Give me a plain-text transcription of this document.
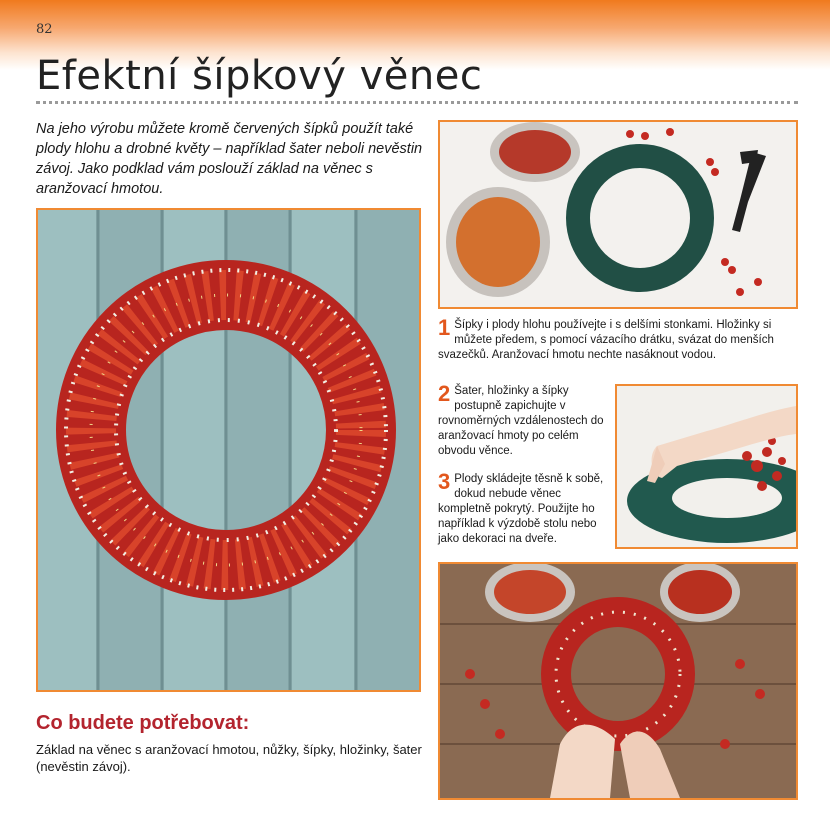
82
Efektní šípkový věnec

Na jeho výrobu můžete kromě červených šípků použít také plody hlohu a drobné květy – například šater neboli nevěstin závoj. Jako podklad vám poslouží základ na věnec s aranžovací hmotou.

1 Šípky i plody hlohu používejte i s delšími stonkami. Hložinky si můžete předem, s pomocí vázacího drátku, svázat do menších svazečků. Aranžovací hmotu nechte nasáknout vodou.
2 Šater, hložinky a šípky postupně zapichujte v rovnoměrných vzdálenostech do aranžovací hmoty po celém obvodu věnce.
3 Plody skládejte těsně k sobě, dokud nebude věnec kompletně pokrytý. Použijte ho například k výzdobě stolu nebo jako dekoraci na dveře.
Co budete potřebovat:

Základ na věnec s aranžovací hmotou, nůžky, šípky, hložinky, šater (nevěstin závoj).
